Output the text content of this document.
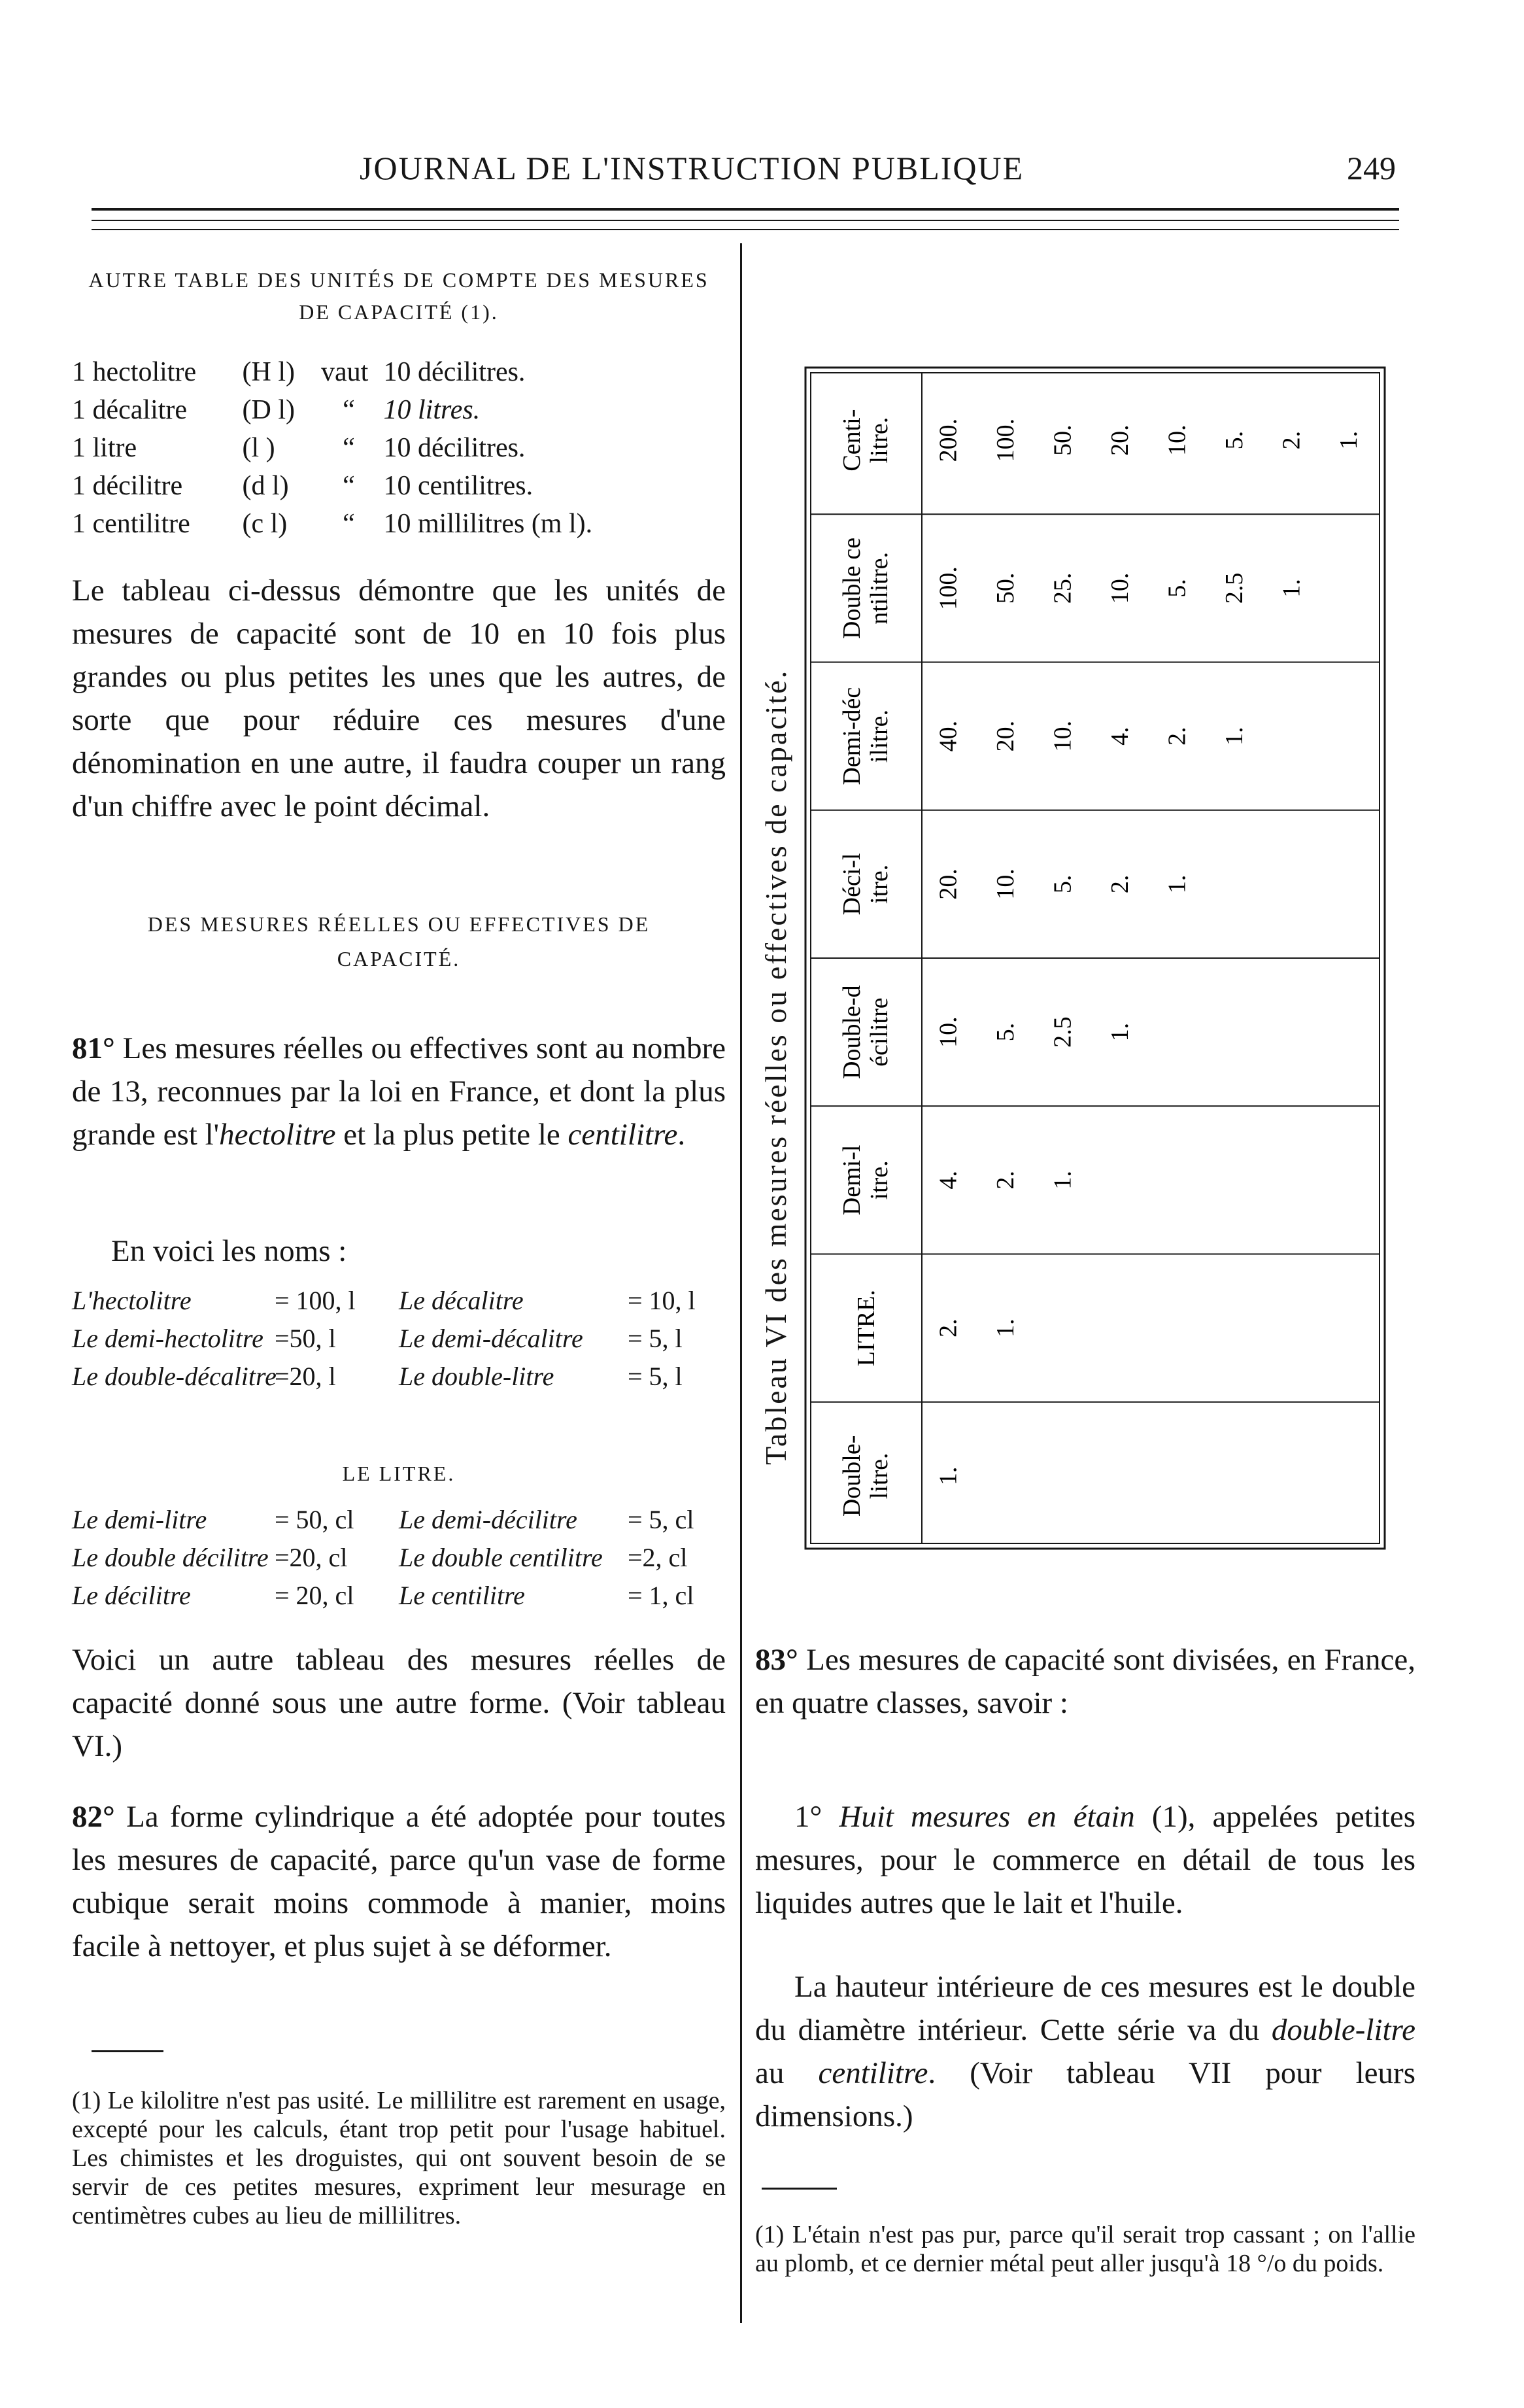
JOURNAL DE L'INSTRUCTION PUBLIQUE	249
AUTRE TABLE DES UNITÉS DE COMPTE DES MESURES
DE CAPACITÉ (1).
1 hectolitre (H l) vaut 10 décilitres.
1 décalitre (D l) “ 10 litres.
1 litre	(l ) “ 10 décilitres.
1 décilitre (d l) “ 10 centilitres.
1 centilitre (c l) “ 10 millilitres (m l).

Le tableau ci-dessus démontre que les unités de mesures de capacité sont de 10 en 10 fois plus grandes ou plus petites les unes que les autres, de sorte que pour réduire ces mesures d'une dénomination en une autre, il faudra couper un rang d'un chiffre avec le point décimal.

DES MESURES RÉELLES OU EFFECTIVES DE
CAPACITÉ.

81° Les mesures réelles ou effectives sont au nombre de 13, reconnues par la loi en France, et dont la plus grande est l'hectolitre et la plus petite le centilitre.

En voici les noms :

L'hectolitre	= 100, l Le décalitre	= 10, l
Le demi-hectolitre =50, l Le demi-décalitre = 5, l
Le double-décalitre =20, l Le double-litre	= 5, l
LE LITRE.
Le demi-litre	= 50, cl Le demi-décilitre = 5, cl
Le double décilitre =20, cl Le double centilitre =2, cl
Le décilitre	= 20, cl Le centilitre	= 1, cl

Voici un autre tableau des mesures réelles de capacité donné sous une autre forme. (Voir tableau VI.)

82° La forme cylindrique a été adoptée pour toutes les mesures de capacité, parce qu'un vase de forme cubique serait moins commode à manier, moins facile à nettoyer, et plus sujet à se déformer.

(1) Le kilolitre n'est pas usité. Le millilitre est rarement en usage, excepté pour les calculs, étant trop petit pour l'usage habituel. Les chimistes et les droguistes, qui ont souvent besoin de se servir de ces petites mesures, expriment leur mesurage en centimètres cubes au lieu de millilitres.

Tableau VI des mesures réelles ou effectives de capacité.
Centi-litre. 200. 100. 50. 20. 10. 5. 2. 1.
Double centilitre. 100. 50. 25. 10. 5. 2.5 1.
Demi-décilitre. 40. 20. 10. 4. 2. 1.
Déci-litre. 20. 10. 5. 2. 1.
Double-décilitre 10. 5. 2.5 1.
Demi-litre. 4. 2. 1.
LITRE. 2. 1.
Double-litre. 1.

83° Les mesures de capacité sont divisées, en France, en quatre classes, savoir :

1° Huit mesures en étain (1), appelées petites mesures, pour le commerce en détail de tous les liquides autres que le lait et l'huile.

La hauteur intérieure de ces mesures est le double du diamètre intérieur. Cette série va du double-litre au centilitre. (Voir tableau VII pour leurs dimensions.)

(1) L'étain n'est pas pur, parce qu'il serait trop cassant ; on l'allie au plomb, et ce dernier métal peut aller jusqu'à 18 °/o du poids.
